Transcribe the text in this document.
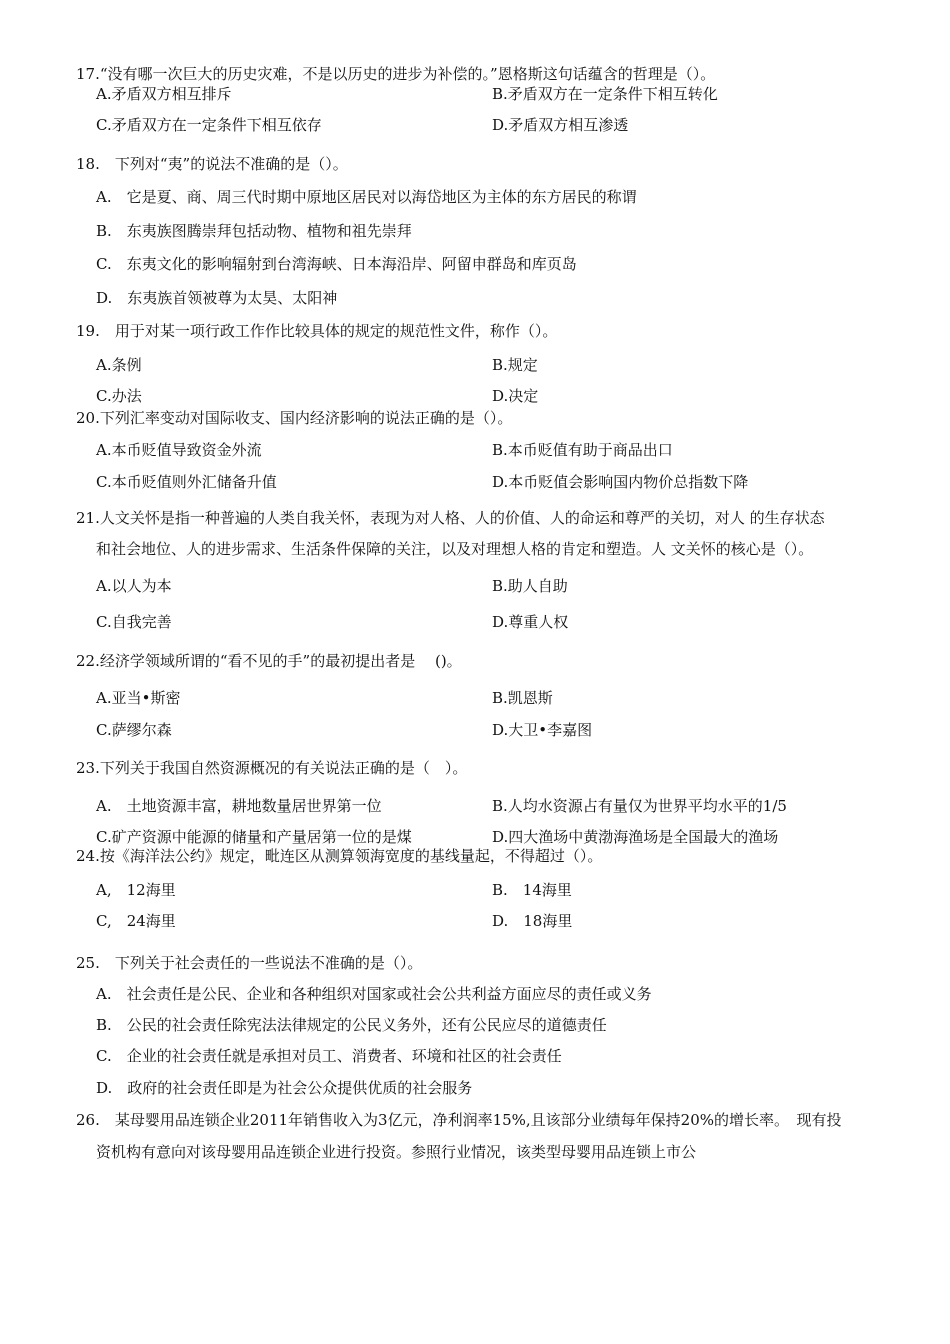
17.“没有哪一次巨大的历史灾难，不是以历史的进步为补偿的。”恩格斯这句话蕴含的哲理是（）。
A.矛盾双方相互排斥	B.矛盾双方在一定条件下相互转化
C.矛盾双方在一定条件下相互依存	D.矛盾双方相互渗透
18.　下列对“夷”的说法不准确的是（）。
A.　它是夏、商、周三代时期中原地区居民对以海岱地区为主体的东方居民的称谓
B.　东夷族图腾崇拜包括动物、植物和祖先崇拜
C.　东夷文化的影响辐射到台湾海峡、日本海沿岸、阿留申群岛和库页岛
D.　东夷族首领被尊为太昊、太阳神
19.　用于对某一项行政工作作比较具体的规定的规范性文件，称作（）。
A.条例	B.规定
C.办法	D.决定
20.下列汇率变动对国际收支、国内经济影响的说法正确的是（）。
A.本币贬值导致资金外流	B.本币贬值有助于商品出口
C.本币贬值则外汇储备升值	D.本币贬值会影响国内物价总指数下降
21.人文关怀是指一种普遍的人类自我关怀，表现为对人格、人的价值、人的命运和尊严的关切，对人 的生存状态
和社会地位、人的进步需求、生活条件保障的关注，以及对理想人格的肯定和塑造。人 文关怀的核心是（）。
A.以人为本	B.助人自助
C.自我完善	D.尊重人权
22.经济学领域所谓的“看不见的手”的最初提出者是　 ()。
A.亚当•斯密	B.凯恩斯
C.萨缪尔森	D.大卫•李嘉图
23.下列关于我国自然资源概况的有关说法正确的是（　）。
A.　土地资源丰富，耕地数量居世界第一位	B.人均水资源占有量仅为世界平均水平的1/5
C.矿产资源中能源的储量和产量居第一位的是煤	D.四大渔场中黄渤海渔场是全国最大的渔场
24.按《海洋法公约》规定，毗连区从测算领海宽度的基线量起，不得超过（）。
A,　12海里	B.　14海里
C,　24海里	D.　18海里
25.　下列关于社会责任的一些说法不准确的是（）。
A.　社会责任是公民、企业和各种组织对国家或社会公共利益方面应尽的责任或义务
B.　公民的社会责任除宪法法律规定的公民义务外，还有公民应尽的道德责任
C.　企业的社会责任就是承担对员工、消费者、环境和社区的社会责任
D.　政府的社会责任即是为社会公众提供优质的社会服务
26.　某母婴用品连锁企业2011年销售收入为3亿元，净利润率15%,且该部分业绩每年保持20%的增长率。　现有投
资机构有意向对该母婴用品连锁企业进行投资。参照行业情况，该类型母婴用品连锁上市公
